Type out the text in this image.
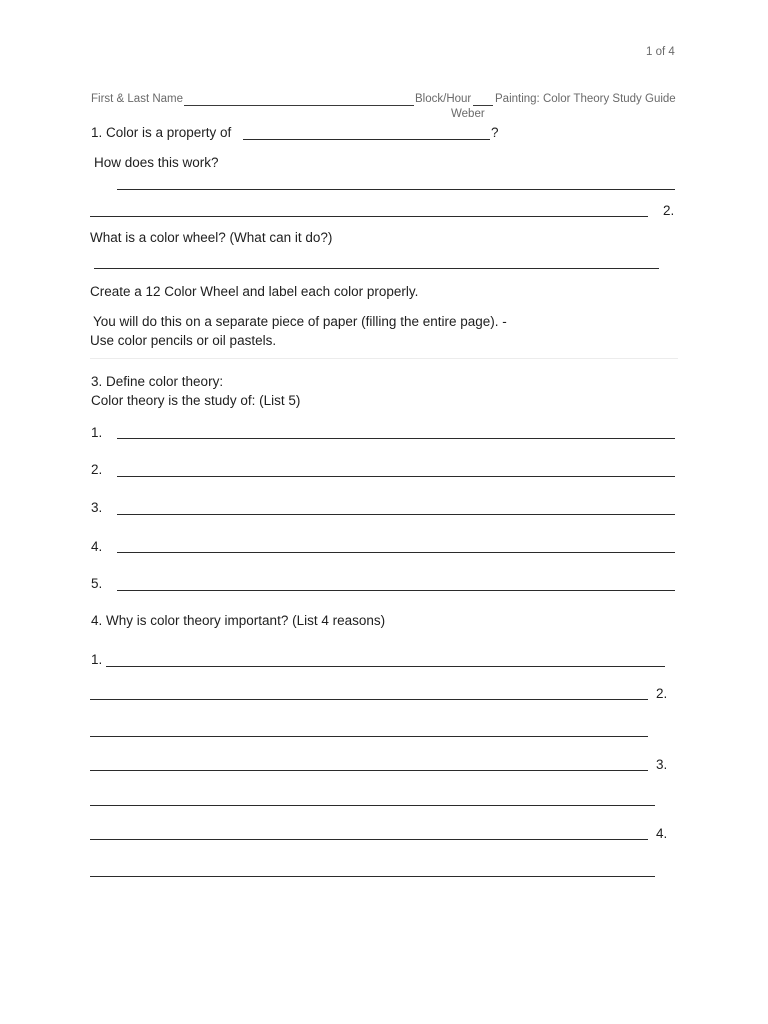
1 of 4
First & Last Name	Block/Hour Painting: Color Theory Study Guide
Weber
1. Color is a property of	?
How does this work?
2.
What is a color wheel? (What can it do?)
Create a 12 Color Wheel and label each color properly.
You will do this on a separate piece of paper (filling the entire page). -
Use color pencils or oil pastels.
3. Define color theory:
Color theory is the study of: (List 5)
1.
2.
3.
4.
5.
4. Why is color theory important? (List 4 reasons)
1.
2.
3.
4.
